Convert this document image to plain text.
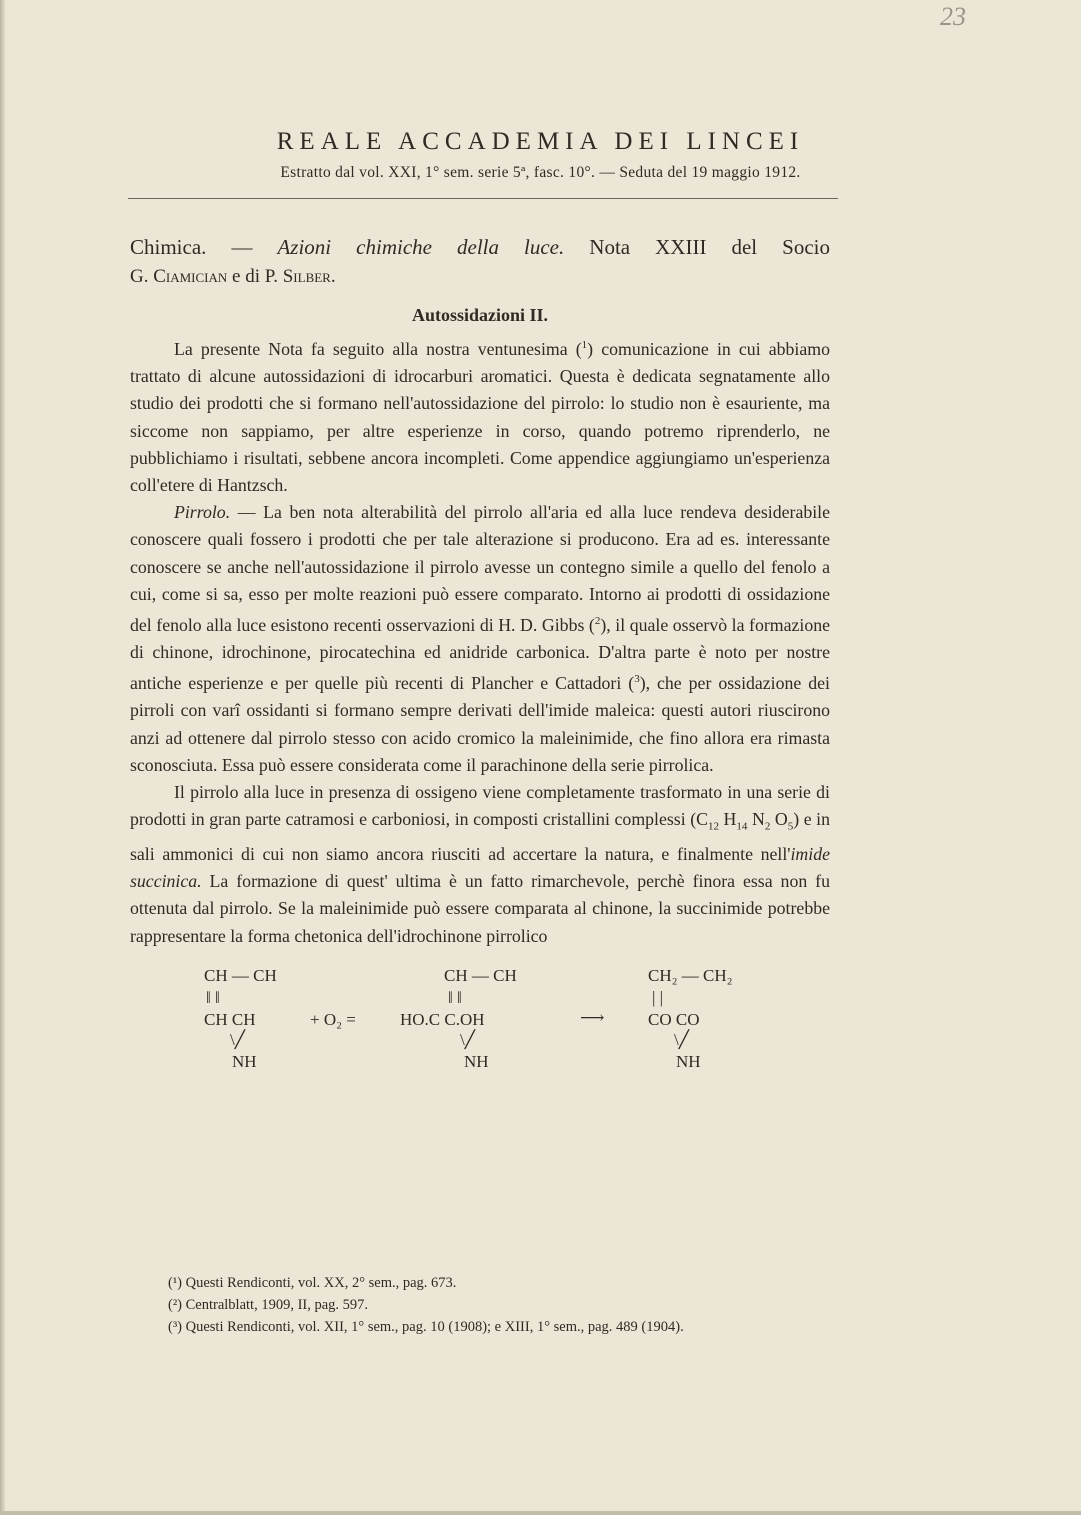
23
REALE ACCADEMIA DEI LINCEI
Estratto dal vol. XXI, 1° sem. serie 5ª, fasc. 10°. — Seduta del 19 maggio 1912.
Chimica. — Azioni chimiche della luce. Nota XXIII del Socio
G. Ciamician e di P. Silber.
Autossidazioni II.

La presente Nota fa seguito alla nostra ventunesima ($^1$) comunicazione in cui abbiamo trattato di alcune autossidazioni di idrocarburi aromatici. Questa è dedicata segnatamente allo studio dei prodotti che si formano nell'autossidazione del pirrolo: lo studio non è esauriente, ma siccome non sappiamo, per altre esperienze in corso, quando potremo riprenderlo, ne pubblichiamo i risultati, sebbene ancora incompleti. Come appendice aggiungiamo un'esperienza coll'etere di Hantzsch.

Pirrolo. — La ben nota alterabilità del pirrolo all'aria ed alla luce rendeva desiderabile conoscere quali fossero i prodotti che per tale alterazione si producono. Era ad es. interessante conoscere se anche nell'autossidazione il pirrolo avesse un contegno simile a quello del fenolo a cui, come si sa, esso per molte reazioni può essere comparato. Intorno ai prodotti di ossidazione del fenolo alla luce esistono recenti osservazioni di H. D. Gibbs ($^2$), il quale osservò la formazione di chinone, idrochinone, pirocatechina ed anidride carbonica. D'altra parte è noto per nostre antiche esperienze e per quelle più recenti di Plancher e Cattadori ($^3$), che per ossidazione dei pirroli con varî ossidanti si formano sempre derivati dell'imide maleica: questi autori riuscirono anzi ad ottenere dal pirrolo stesso con acido cromico la maleinimide, che fino allora era rimasta sconosciuta. Essa può essere considerata come il parachinone della serie pirrolica.

Il pirrolo alla luce in presenza di ossigeno viene completamente trasformato in una serie di prodotti in gran parte catramosi e carboniosi, in composti cristallini complessi ($C_{12}$ $H_{14}$ $N_2$ $O_5$) e in sali ammonici di cui non siamo ancora riusciti ad accertare la natura, e finalmente nell'imide succinica. La formazione di quest' ultima è un fatto rimarchevole, perchè finora essa non fu ottenuta dal pirrolo. Se la maleinimide può essere comparata al chinone, la succinimide potrebbe rappresentare la forma chetonica dell'idrochinone pirrolico

CH — CH
‖ ‖
CH CH
\╱
NH
+ O₂ =
CH — CH
‖ ‖
HO.C C.OH
\╱
NH
⟶
CH₂ — CH₂
| |
CO CO
\╱
NH
(¹) Questi Rendiconti, vol. XX, 2° sem., pag. 673.
(²) Centralblatt, 1909, II, pag. 597.
(³) Questi Rendiconti, vol. XII, 1° sem., pag. 10 (1908); e XIII, 1° sem., pag. 489 (1904).
